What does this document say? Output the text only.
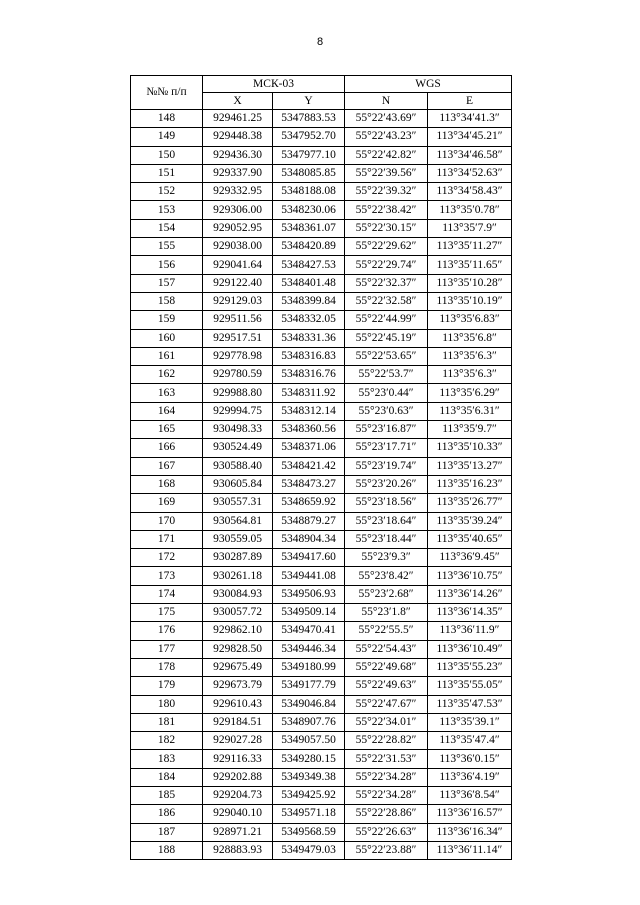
8
№№ п/п	МСК-03		WGS	
	X	Y	N	E
148	929461.25	5347883.53	55°22′43.69″	113°34′41.3″
149	929448.38	5347952.70	55°22′43.23″	113°34′45.21″
150	929436.30	5347977.10	55°22′42.82″	113°34′46.58″
151	929337.90	5348085.85	55°22′39.56″	113°34′52.63″
152	929332.95	5348188.08	55°22′39.32″	113°34′58.43″
153	929306.00	5348230.06	55°22′38.42″	113°35′0.78″
154	929052.95	5348361.07	55°22′30.15″	113°35′7.9″
155	929038.00	5348420.89	55°22′29.62″	113°35′11.27″
156	929041.64	5348427.53	55°22′29.74″	113°35′11.65″
157	929122.40	5348401.48	55°22′32.37″	113°35′10.28″
158	929129.03	5348399.84	55°22′32.58″	113°35′10.19″
159	929511.56	5348332.05	55°22′44.99″	113°35′6.83″
160	929517.51	5348331.36	55°22′45.19″	113°35′6.8″
161	929778.98	5348316.83	55°22′53.65″	113°35′6.3″
162	929780.59	5348316.76	55°22′53.7″	113°35′6.3″
163	929988.80	5348311.92	55°23′0.44″	113°35′6.29″
164	929994.75	5348312.14	55°23′0.63″	113°35′6.31″
165	930498.33	5348360.56	55°23′16.87″	113°35′9.7″
166	930524.49	5348371.06	55°23′17.71″	113°35′10.33″
167	930588.40	5348421.42	55°23′19.74″	113°35′13.27″
168	930605.84	5348473.27	55°23′20.26″	113°35′16.23″
169	930557.31	5348659.92	55°23′18.56″	113°35′26.77″
170	930564.81	5348879.27	55°23′18.64″	113°35′39.24″
171	930559.05	5348904.34	55°23′18.44″	113°35′40.65″
172	930287.89	5349417.60	55°23′9.3″	113°36′9.45″
173	930261.18	5349441.08	55°23′8.42″	113°36′10.75″
174	930084.93	5349506.93	55°23′2.68″	113°36′14.26″
175	930057.72	5349509.14	55°23′1.8″	113°36′14.35″
176	929862.10	5349470.41	55°22′55.5″	113°36′11.9″
177	929828.50	5349446.34	55°22′54.43″	113°36′10.49″
178	929675.49	5349180.99	55°22′49.68″	113°35′55.23″
179	929673.79	5349177.79	55°22′49.63″	113°35′55.05″
180	929610.43	5349046.84	55°22′47.67″	113°35′47.53″
181	929184.51	5348907.76	55°22′34.01″	113°35′39.1″
182	929027.28	5349057.50	55°22′28.82″	113°35′47.4″
183	929116.33	5349280.15	55°22′31.53″	113°36′0.15″
184	929202.88	5349349.38	55°22′34.28″	113°36′4.19″
185	929204.73	5349425.92	55°22′34.28″	113°36′8.54″
186	929040.10	5349571.18	55°22′28.86″	113°36′16.57″
187	928971.21	5349568.59	55°22′26.63″	113°36′16.34″
188	928883.93	5349479.03	55°22′23.88″	113°36′11.14″
